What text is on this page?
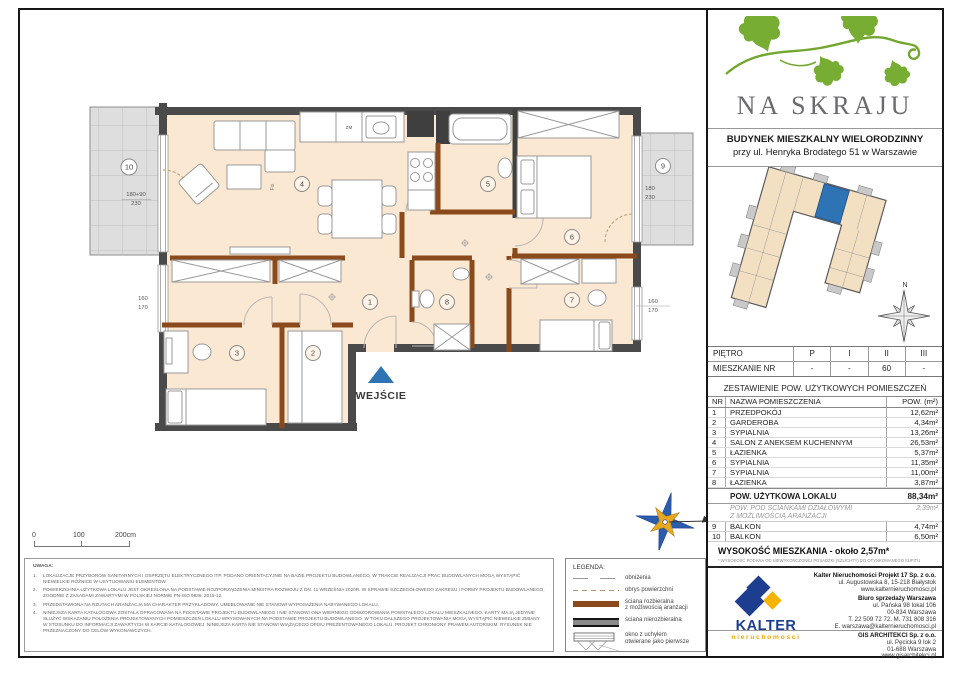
1
2
3
4	5
6
7
8
9
10
180+90
230
160
170
180
230
160
170
Fix
ZM
WEJŚCIE
0	100	200cm
UWAGA:
1.	LOKALIZACJE PRZYBORÓW SANITARNYCH I OSPRZĘTU ELEKTRYCZNEGO ITP. PODANO ORIENTACYJNIE NA BAZIE PROJEKTU BUDOWLANEGO. W TRAKCIE REALIZACJI PRAC BUDOWLANYCH MOGĄ WYSTĄPIĆ NIEWIELKIE RÓŻNICE W USYTUOWANIU ELEMENTÓW.
2.	POWIERZCHNIA UŻYTKOWA LOKALU JEST OKREŚLONA NA PODSTAWIE ROZPORZĄDZENIA MINISTRA ROZWOJU Z DN. 11 WRZEŚNIA 2020R. W SPRAWIE SZCZEGÓŁOWEGO ZAKRESU I FORMY PROJEKTU BUDOWLANEGO, ZGODNIE Z ZASADAMI ZAWARTYMI W POLSKIEJ NORMIE PN-ISO 9836: 2015-12.
3.	PRZEDSTAWIONA NA RZUTACH ARANŻACJA MA CHARAKTER PRZYKŁADOWY. UMEBLOWANIE NIE STANOWI WYPOSAŻENIA NABYWANEGO LOKALU.
4.	NINIEJSZA KARTA KATALOGOWA ZOSTAŁA OPRACOWANA NA PODSTAWIE PROJEKTU BUDOWLANEGO I NIE STANOWI ONA WIERNEGO ODWZOROWANIA POWSTAŁEGO LOKALU MIESZKALNEGO. KARTY MAJĄ JEDYNIE SŁUŻYĆ WSKAZANIU POŁOŻENIA PROJEKTOWANYCH POMIESZCZEŃ LOKALU WRYSOWANYCH NA PODSTAWIE PROJEKTU BUDOWLANEGO. W TOKU DALSZEGO PROJEKTOWANIA MOGĄ WYSTĄPIĆ NIEWIELKIE ZMIANY W STOSUNKU DO INFORMACJI ZAWARTYCH W KARCIE KATALOGOWEJ. NINIEJSZA KARTA NIE STANOWI WIĄŻĄCEGO OPISU PREZENTOWANEGO LOKALU. PROJEKT CHRONIONY PRAWEM AUTORSKIM. RYSUNEK NIE PRZEZNACZONY DO CELÓW WYKONAWCZYCH.
LEGENDA:
obniżenia
obrys powierzchni
ściana rozbieralna
z możliwością aranżacji
ściana nierozbieralna
okno z uchyłem
otwierane jako pierwsze
NA SKRAJU
BUDYNEK MIESZKALNY WIELORODZINNY
przy ul. Henryka Brodatego 51 w Warszawie
N
PIĘTRO	P	I	II	III
MIESZKANIE NR	-	-	60	-
ZESTAWIENIE POW. UŻYTKOWYCH POMIESZCZEŃ
NR NAZWA POMIESZCZENIA	POW. (m²)
1	PRZEDPOKÓJ	12,62m²
2	GARDEROBA	4,34m²
3	SYPIALNIA	13,26m²
4	SALON Z ANEKSEM KUCHENNYM	26,53m²
5	ŁAZIENKA	5,37m²
6	SYPIALNIA	11,35m²
7	SYPIALNIA	11,00m²
8	ŁAZIENKA	3,87m²
POW. UŻYTKOWA LOKALU	88,34m²
POW. POD ŚCIANKAMI DZIAŁOWYMI
Z MOŻLIWOŚCIĄ ARANŻACJI
2,39m²
9	BALKON	4,74m²
10	BALKON	6,50m²
WYSOKOŚĆ MIESZKANIA - około 2,57m*
* WYSOKOŚĆ PODANA OD NIEWYKOŃCZONEJ POSADZKI (SZLICHTY) DO OTYNKOWANEGO SUFITU
KALTER
nieruchomości
Kalter Nieruchomości Projekt 17 Sp. z o.o.
ul. Augustowska 8, 15-218 Białystok
www.kalternieruchomosci.pl
Biuro sprzedaży Warszawa
ul. Pańska 98 lokal 106
00-834 Warszawa
T. 22 509 72 72. M. 731 808 316
E. warszawa@kalternieruchomosci.pl
GIS ARCHITEKCI Sp. z o.o.
ul. Pęcicka 9 lok 2
01-688 Warszawa
www.gisarchitekci.pl
